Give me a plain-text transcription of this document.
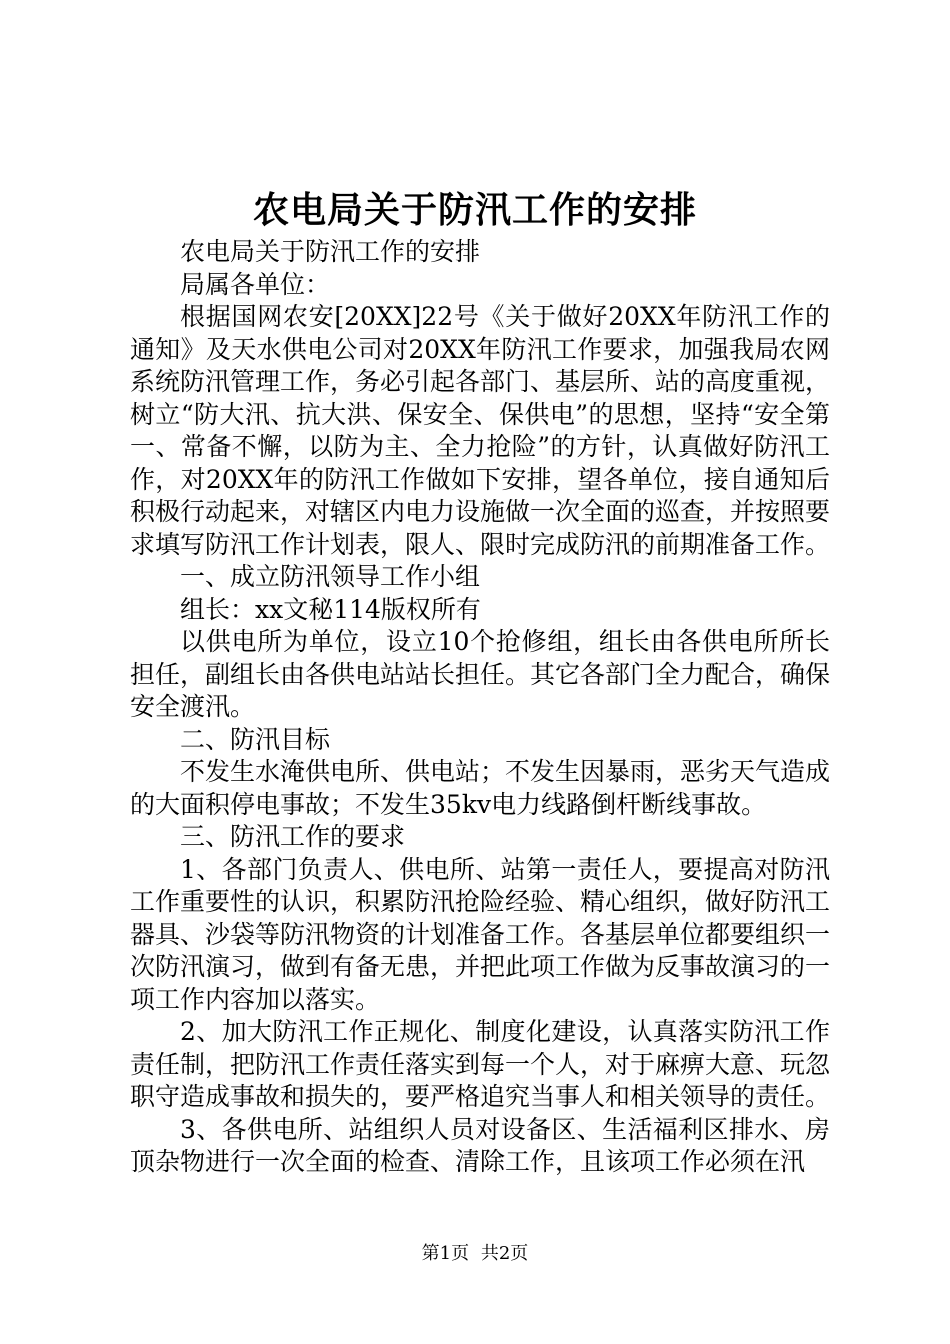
农电局关于防汛工作的安排

农电局关于防汛工作的安排

局属各单位：

根据国网农安[20XX]22号《关于做好20XX年防汛工作的通知》及天水供电公司对20XX年防汛工作要求，加强我局农网系统防汛管理工作，务必引起各部门、基层所、站的高度重视，树立“防大汛、抗大洪、保安全、保供电”的思想，坚持“安全第一、常备不懈，以防为主、全力抢险”的方针，认真做好防汛工作，对20XX年的防汛工作做如下安排，望各单位，接自通知后积极行动起来，对辖区内电力设施做一次全面的巡查，并按照要求填写防汛工作计划表，限人、限时完成防汛的前期准备工作。

一、成立防汛领导工作小组

组长：xx文秘114版权所有

以供电所为单位，设立10个抢修组，组长由各供电所所长担任，副组长由各供电站站长担任。其它各部门全力配合，确保安全渡汛。

二、防汛目标

不发生水淹供电所、供电站；不发生因暴雨，恶劣天气造成的大面积停电事故；不发生35kv电力线路倒杆断线事故。

三、防汛工作的要求

1、各部门负责人、供电所、站第一责任人，要提高对防汛工作重要性的认识，积累防汛抢险经验、精心组织，做好防汛工器具、沙袋等防汛物资的计划准备工作。各基层单位都要组织一次防汛演习，做到有备无患，并把此项工作做为反事故演习的一项工作内容加以落实。

2、加大防汛工作正规化、制度化建设，认真落实防汛工作责任制，把防汛工作责任落实到每一个人，对于麻痹大意、玩忽职守造成事故和损失的，要严格追究当事人和相关领导的责任。

3、各供电所、站组织人员对设备区、生活福利区排水、房顶杂物进行一次全面的检查、清除工作，且该项工作必须在汛

第1页 共2页
